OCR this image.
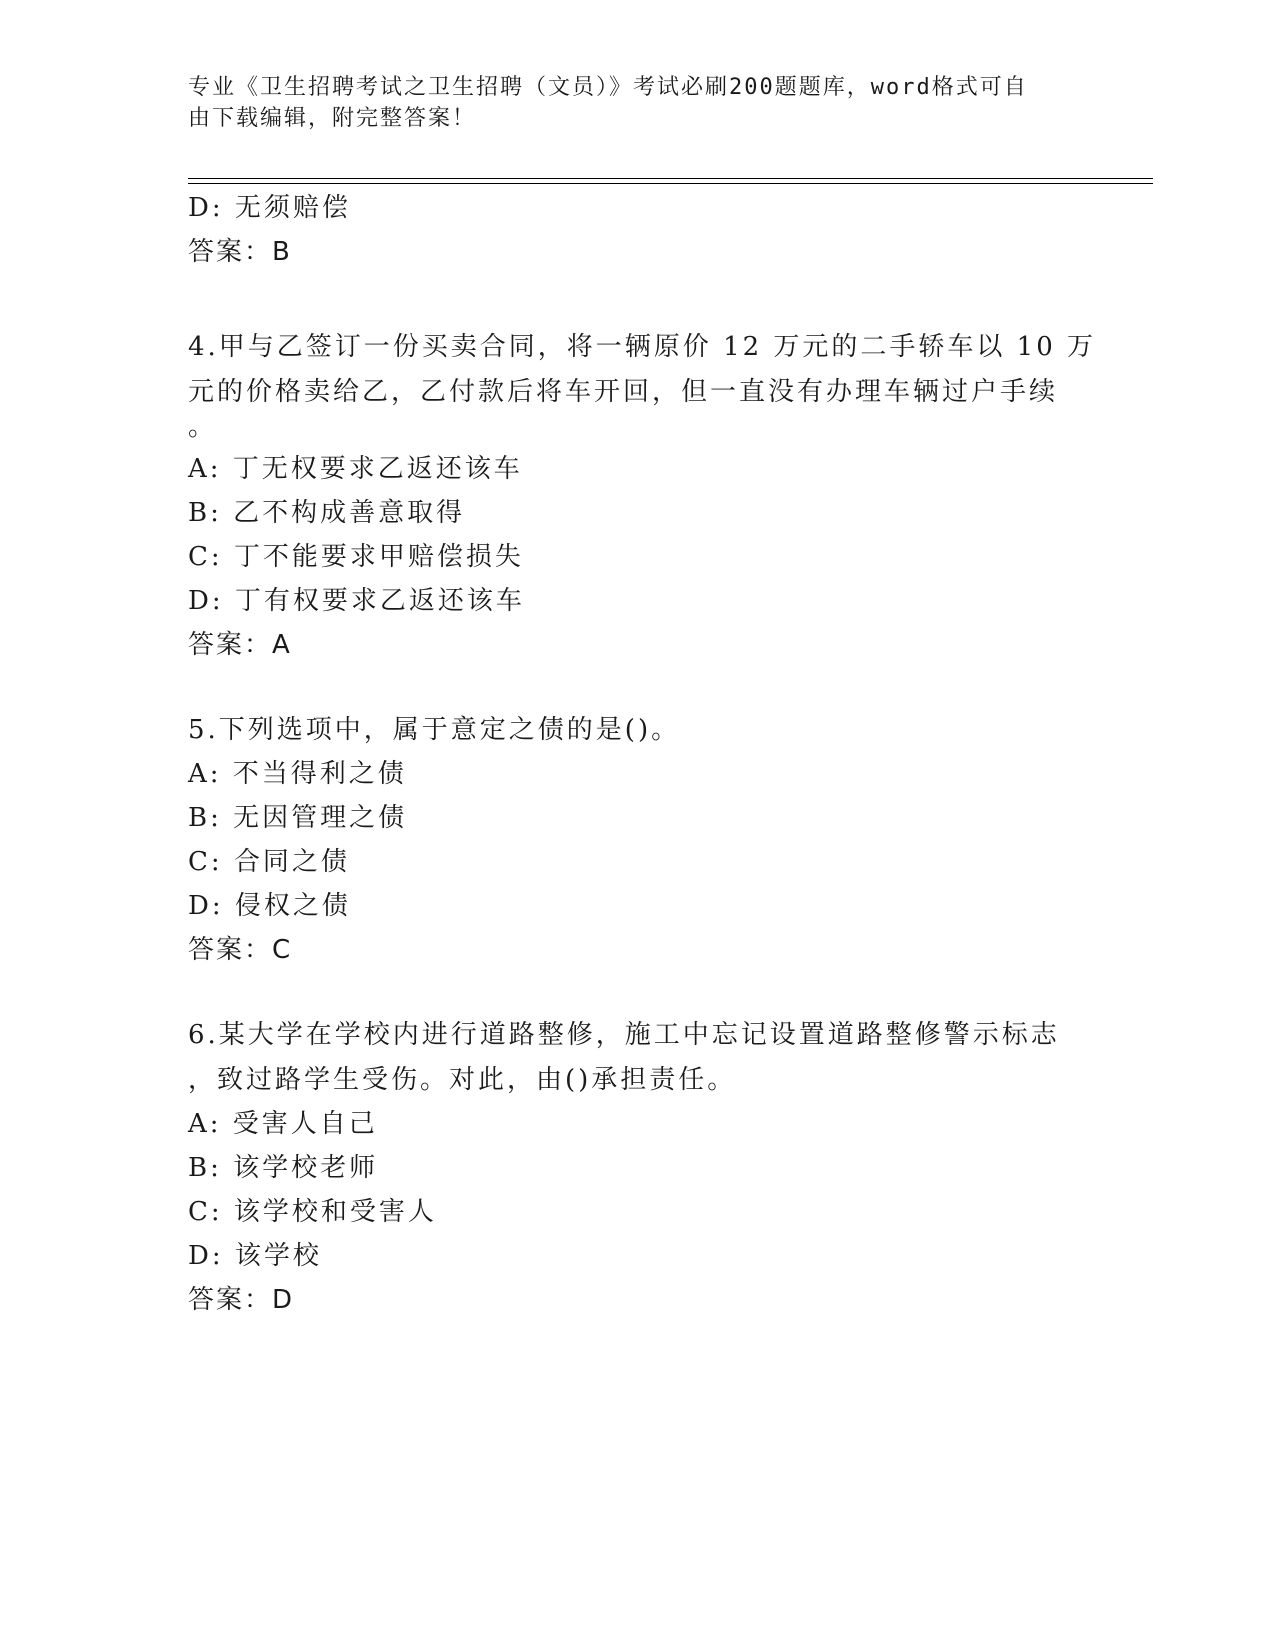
专业《卫生招聘考试之卫生招聘（文员）》考试必刷200题题库，word格式可自
由下载编辑，附完整答案！
D: 无须赔偿
答案：B
4.甲与乙签订一份买卖合同，将一辆原价 12 万元的二手轿车以 10 万
元的价格卖给乙，乙付款后将车开回，但一直没有办理车辆过户手续
。
A: 丁无权要求乙返还该车
B: 乙不构成善意取得
C: 丁不能要求甲赔偿损失
D: 丁有权要求乙返还该车
答案：A
5.下列选项中，属于意定之债的是()。
A: 不当得利之债
B: 无因管理之债
C: 合同之债
D: 侵权之债
答案：C
6.某大学在学校内进行道路整修，施工中忘记设置道路整修警示标志
，致过路学生受伤。对此，由()承担责任。
A: 受害人自己
B: 该学校老师
C: 该学校和受害人
D: 该学校
答案：D
